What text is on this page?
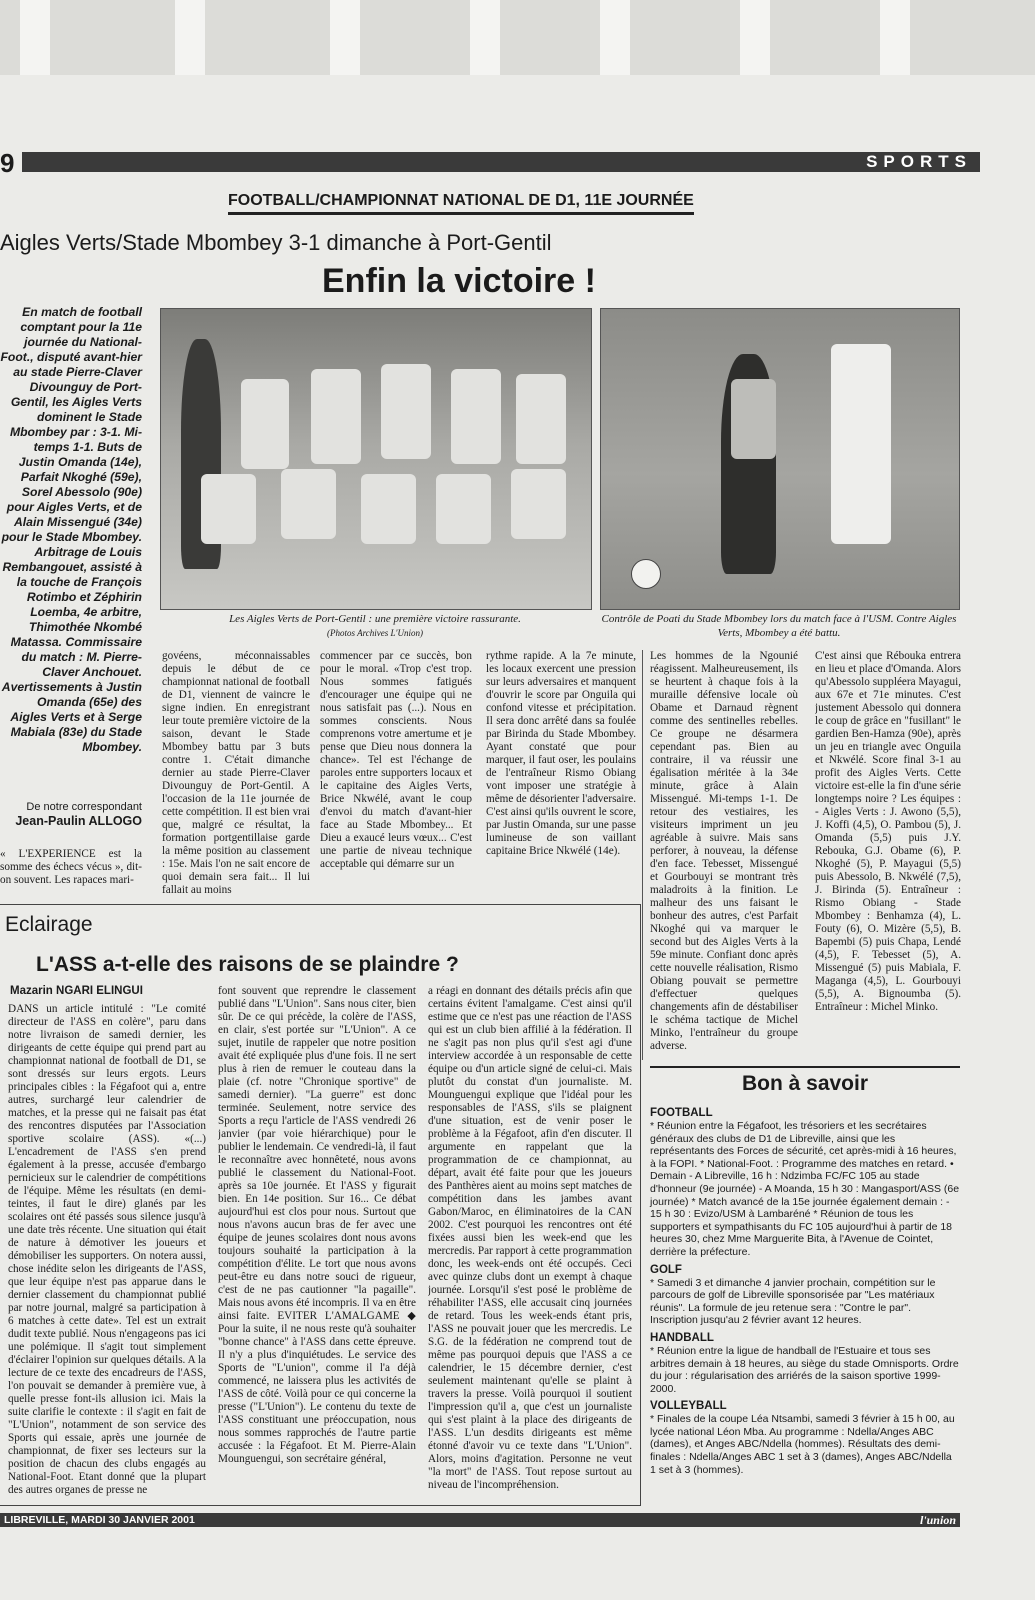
9	SPORTS
FOOTBALL/CHAMPIONNAT NATIONAL DE D1, 11E JOURNÉE
Aigles Verts/Stade Mbombey 3-1 dimanche à Port-Gentil
Enfin la victoire !
En match de football comptant pour la 11e journée du National-Foot., disputé avant-hier au stade Pierre-Claver Divounguy de Port-Gentil, les Aigles Verts dominent le Stade Mbombey par : 3-1. Mi-temps 1-1. Buts de Justin Omanda (14e), Parfait Nkoghé (59e), Sorel Abessolo (90e) pour Aigles Verts, et de Alain Missengué (34e) pour le Stade Mbombey. Arbitrage de Louis Rembangouet, assisté à la touche de François Rotimbo et Zéphirin Loemba, 4e arbitre, Thimothée Nkombé Matassa. Commissaire du match : M. Pierre-Claver Anchouet. Avertissements à Justin Omanda (65e) des Aigles Verts et à Serge Mabiala (83e) du Stade Mbombey.
De notre correspondant
Jean-Paulin ALLOGO
Les Aigles Verts de Port-Gentil : une première victoire rassurante.
(Photos Archives L'Union)
Contrôle de Poati du Stade Mbombey lors du match face à l'USM. Contre Aigles Verts, Mbombey a été battu.
« L'EXPERIENCE est la somme des échecs vécus », dit-on souvent. Les rapaces mari-
govéens, méconnaissables depuis le début de ce championnat national de football de D1, viennent de vaincre le signe indien. En enregistrant leur toute première victoire de la saison, devant le Stade Mbombey battu par 3 buts contre 1. C'était dimanche dernier au stade Pierre-Claver Divounguy de Port-Gentil. A l'occasion de la 11e journée de cette compétition. Il est bien vrai que, malgré ce résultat, la formation portgentillaise garde la même position au classement : 15e. Mais l'on ne sait encore de quoi demain sera fait... Il lui fallait au moins
commencer par ce succès, bon pour le moral. «Trop c'est trop. Nous sommes fatigués d'encourager une équipe qui ne nous satisfait pas (...). Nous en sommes conscients. Nous comprenons votre amertume et je pense que Dieu nous donnera la chance». Tel est l'échange de paroles entre supporters locaux et le capitaine des Aigles Verts, Brice Nkwélé, avant le coup d'envoi du match d'avant-hier face au Stade Mbombey... Et Dieu a exaucé leurs vœux... C'est une partie de niveau technique acceptable qui démarre sur un
rythme rapide. A la 7e minute, les locaux exercent une pression sur leurs adversaires et manquent d'ouvrir le score par Onguila qui confond vitesse et précipitation. Il sera donc arrêté dans sa foulée par Birinda du Stade Mbombey. Ayant constaté que pour marquer, il faut oser, les poulains de l'entraîneur Rismo Obiang vont imposer une stratégie à même de désorienter l'adversaire. C'est ainsi qu'ils ouvrent le score, par Justin Omanda, sur une passe lumineuse de son vaillant capitaine Brice Nkwélé (14e).
Les hommes de la Ngounié réagissent. Malheureusement, ils se heurtent à chaque fois à la muraille défensive locale où Obame et Darnaud règnent comme des sentinelles rebelles. Ce groupe ne désarmera cependant pas. Bien au contraire, il va réussir une égalisation méritée à la 34e minute, grâce à Alain Missengué. Mi-temps 1-1. De retour des vestiaires, les visiteurs impriment un jeu agréable à suivre. Mais sans perforer, à nouveau, la défense d'en face. Tebesset, Missengué et Gourbouyi se montrant très maladroits à la finition. Le malheur des uns faisant le bonheur des autres, c'est Parfait Nkoghé qui va marquer le second but des Aigles Verts à la 59e minute. Confiant donc après cette nouvelle réalisation, Rismo Obiang pouvait se permettre d'effectuer quelques changements afin de déstabiliser le schéma tactique de Michel Minko, l'entraîneur du groupe adverse.
C'est ainsi que Rébouka entrera en lieu et place d'Omanda. Alors qu'Abessolo suppléera Mayagui, aux 67e et 71e minutes. C'est justement Abessolo qui donnera le coup de grâce en "fusillant" le gardien Ben-Hamza (90e), après un jeu en triangle avec Onguila et Nkwélé. Score final 3-1 au profit des Aigles Verts. Cette victoire est-elle la fin d'une série longtemps noire ? Les équipes : - Aigles Verts : J. Awono (5,5), J. Koffi (4,5), O. Pambou (5), J. Omanda (5,5) puis J.Y. Rebouka, G.J. Obame (6), P. Nkoghé (5), P. Mayagui (5,5) puis Abessolo, B. Nkwélé (7,5), J. Birinda (5). Entraîneur : Rismo Obiang - Stade Mbombey : Benhamza (4), L. Fouty (6), O. Mizère (5,5), B. Bapembi (5) puis Chapa, Lendé (4,5), F. Tebesset (5), A. Missengué (5) puis Mabiala, F. Maganga (4,5), L. Gourbouyi (5,5), A. Bignoumba (5). Entraîneur : Michel Minko.
Eclairage
L'ASS a-t-elle des raisons de se plaindre ?
Mazarin NGARI ELINGUI
DANS un article intitulé : "Le comité directeur de l'ASS en colère", paru dans notre livraison de samedi dernier, les dirigeants de cette équipe qui prend part au championnat national de football de D1, se sont dressés sur leurs ergots. Leurs principales cibles : la Fégafoot qui a, entre autres, surchargé leur calendrier de matches, et la presse qui ne faisait pas état des rencontres disputées par l'Association sportive scolaire (ASS). «(...) L'encadrement de l'ASS s'en prend également à la presse, accusée d'embargo pernicieux sur le calendrier de compétitions de l'équipe. Même les résultats (en demi-teintes, il faut le dire) glanés par les scolaires ont été passés sous silence jusqu'à une date très récente. Une situation qui était de nature à démotiver les joueurs et démobiliser les supporters. On notera aussi, chose inédite selon les dirigeants de l'ASS, que leur équipe n'est pas apparue dans le dernier classement du championnat publié par notre journal, malgré sa participation à 6 matches à cette date». Tel est un extrait dudit texte publié. Nous n'engageons pas ici une polémique. Il s'agit tout simplement d'éclairer l'opinion sur quelques détails. A la lecture de ce texte des encadreurs de l'ASS, l'on pouvait se demander à première vue, à quelle presse font-ils allusion ici. Mais la suite clarifie le contexte : il s'agit en fait de "L'Union", notamment de son service des Sports qui essaie, après une journée de championnat, de fixer ses lecteurs sur la position de chacun des clubs engagés au National-Foot. Etant donné que la plupart des autres organes de presse ne
font souvent que reprendre le classement publié dans "L'Union". Sans nous citer, bien sûr. De ce qui précède, la colère de l'ASS, en clair, s'est portée sur "L'Union". A ce sujet, inutile de rappeler que notre position avait été expliquée plus d'une fois. Il ne sert plus à rien de remuer le couteau dans la plaie (cf. notre "Chronique sportive" de samedi dernier). "La guerre" est donc terminée. Seulement, notre service des Sports a reçu l'article de l'ASS vendredi 26 janvier (par voie hiérarchique) pour le publier le lendemain. Ce vendredi-là, il faut le reconnaître avec honnêteté, nous avons publié le classement du National-Foot. après sa 10e journée. Et l'ASS y figurait bien. En 14e position. Sur 16... Ce débat aujourd'hui est clos pour nous. Surtout que nous n'avons aucun bras de fer avec une équipe de jeunes scolaires dont nous avons toujours souhaité la participation à la compétition d'élite. Le tort que nous avons peut-être eu dans notre souci de rigueur, c'est de ne pas cautionner "la pagaille". Mais nous avons été incompris. Il va en être ainsi faite. EVITER L'AMALGAME ◆ Pour la suite, il ne nous reste qu'à souhaiter "bonne chance" à l'ASS dans cette épreuve. Il n'y a plus d'inquiétudes. Le service des Sports de "L'union", comme il l'a déjà commencé, ne laissera plus les activités de l'ASS de côté. Voilà pour ce qui concerne la presse ("L'Union"). Le contenu du texte de l'ASS constituant une préoccupation, nous nous sommes rapprochés de l'autre partie accusée : la Fégafoot. Et M. Pierre-Alain Mounguengui, son secrétaire général,
a réagi en donnant des détails précis afin que certains évitent l'amalgame. C'est ainsi qu'il estime que ce n'est pas une réaction de l'ASS qui est un club bien affilié à la fédération. Il ne s'agit pas non plus qu'il s'est agi d'une interview accordée à un responsable de cette équipe ou d'un article signé de celui-ci. Mais plutôt du constat d'un journaliste. M. Mounguengui explique que l'idéal pour les responsables de l'ASS, s'ils se plaignent d'une situation, est de venir poser le problème à la Fégafoot, afin d'en discuter. Il argumente en rappelant que la programmation de ce championnat, au départ, avait été faite pour que les joueurs des Panthères aient au moins sept matches de compétition dans les jambes avant Gabon/Maroc, en éliminatoires de la CAN 2002. C'est pourquoi les rencontres ont été fixées aussi bien les week-end que les mercredis. Par rapport à cette programmation donc, les week-ends ont été occupés. Ceci avec quinze clubs dont un exempt à chaque journée. Lorsqu'il s'est posé le problème de réhabiliter l'ASS, elle accusait cinq journées de retard. Tous les week-ends étant pris, l'ASS ne pouvait jouer que les mercredis. Le S.G. de la fédération ne comprend tout de même pas pourquoi depuis que l'ASS a ce calendrier, le 15 décembre dernier, c'est seulement maintenant qu'elle se plaint à travers la presse. Voilà pourquoi il soutient l'impression qu'il a, que c'est un journaliste qui s'est plaint à la place des dirigeants de l'ASS. L'un desdits dirigeants est même étonné d'avoir vu ce texte dans "L'Union". Alors, moins d'agitation. Personne ne veut "la mort" de l'ASS. Tout repose surtout au niveau de l'incompréhension.
Bon à savoir
FOOTBALL

* Réunion entre la Fégafoot, les trésoriers et les secrétaires généraux des clubs de D1 de Libreville, ainsi que les représentants des Forces de sécurité, cet après-midi à 16 heures, à la FOPI. * National-Foot. : Programme des matches en retard. • Demain - A Libreville, 16 h : Ndzimba FC/FC 105 au stade d'honneur (9e journée) - A Moanda, 15 h 30 : Mangasport/ASS (6e journée) * Match avancé de la 15e journée également demain : - 15 h 30 : Evizo/USM à Lambaréné * Réunion de tous les supporters et sympathisants du FC 105 aujourd'hui à partir de 18 heures 30, chez Mme Marguerite Bita, à l'Avenue de Cointet, derrière la préfecture.

GOLF

* Samedi 3 et dimanche 4 janvier prochain, compétition sur le parcours de golf de Libreville sponsorisée par "Les matériaux réunis". La formule de jeu retenue sera : "Contre le par". Inscription jusqu'au 2 février avant 12 heures.

HANDBALL

* Réunion entre la ligue de handball de l'Estuaire et tous ses arbitres demain à 18 heures, au siège du stade Omnisports. Ordre du jour : régularisation des arriérés de la saison sportive 1999-2000.

VOLLEYBALL

* Finales de la coupe Léa Ntsambi, samedi 3 février à 15 h 00, au lycée national Léon Mba. Au programme : Ndella/Anges ABC (dames), et Anges ABC/Ndella (hommes). Résultats des demi-finales : Ndella/Anges ABC 1 set à 3 (dames), Anges ABC/Ndella 1 set à 3 (hommes).

LIBREVILLE, MARDI 30 JANVIER 2001	l'union
